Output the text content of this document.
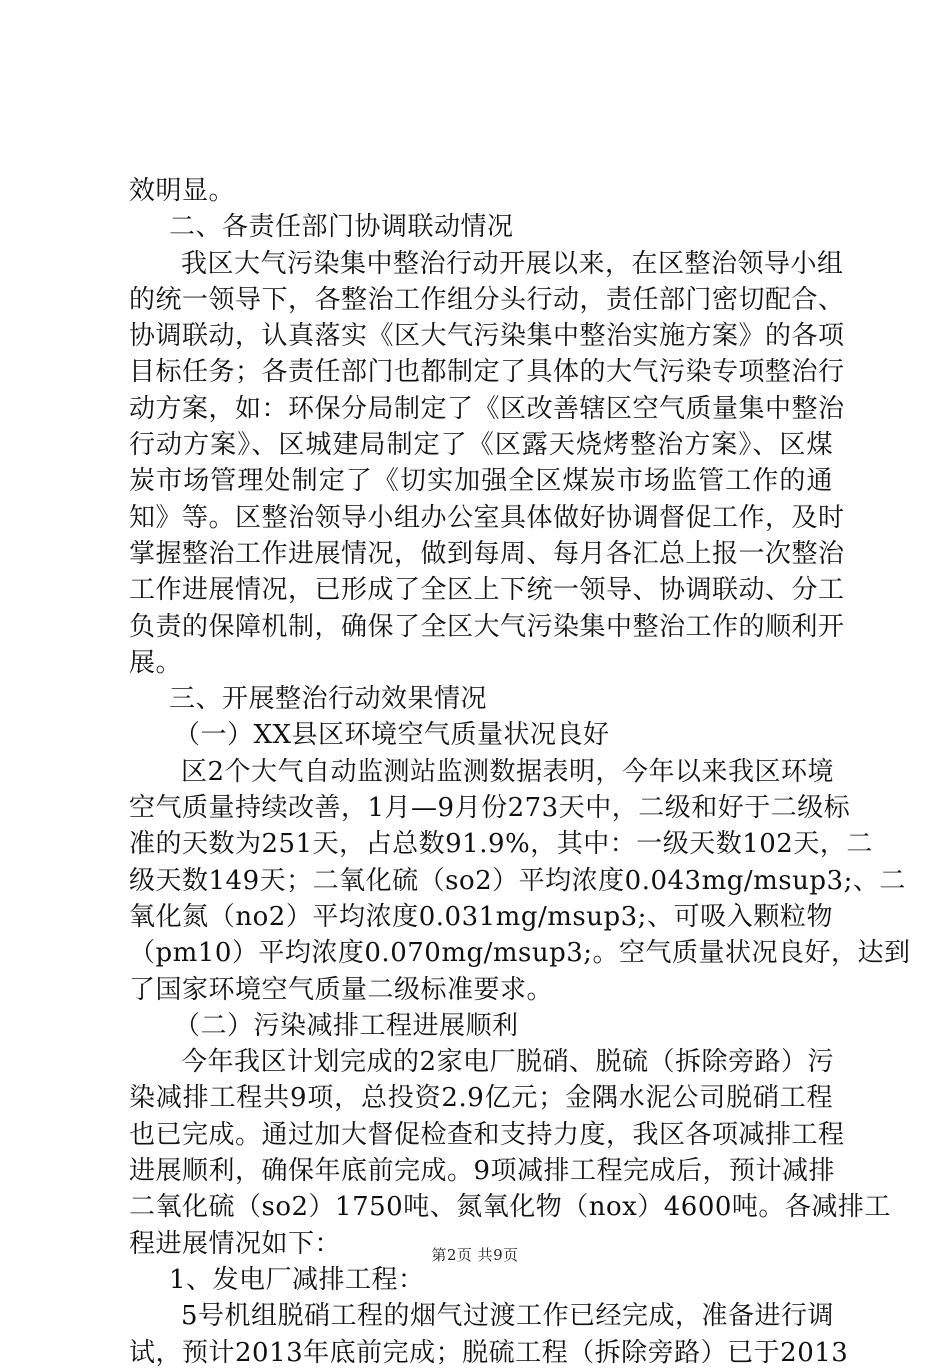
效明显。
二、各责任部门协调联动情况
我区大气污染集中整治行动开展以来，在区整治领导小组
的统一领导下，各整治工作组分头行动，责任部门密切配合、
协调联动，认真落实《区大气污染集中整治实施方案》的各项
目标任务；各责任部门也都制定了具体的大气污染专项整治行
动方案，如：环保分局制定了《区改善辖区空气质量集中整治
行动方案》、区城建局制定了《区露天烧烤整治方案》、区煤
炭市场管理处制定了《切实加强全区煤炭市场监管工作的通
知》等。区整治领导小组办公室具体做好协调督促工作，及时
掌握整治工作进展情况，做到每周、每月各汇总上报一次整治
工作进展情况，已形成了全区上下统一领导、协调联动、分工
负责的保障机制，确保了全区大气污染集中整治工作的顺利开
展。
三、开展整治行动效果情况
（一）XX县区环境空气质量状况良好
区2个大气自动监测站监测数据表明，今年以来我区环境
空气质量持续改善，1月—9月份273天中，二级和好于二级标
准的天数为251天，占总数91.9%，其中：一级天数102天，二
级天数149天；二氧化硫（so2）平均浓度0.043mg/msup3;、二
氧化氮（no2）平均浓度0.031mg/msup3;、可吸入颗粒物
（pm10）平均浓度0.070mg/msup3;。空气质量状况良好，达到
了国家环境空气质量二级标准要求。
（二）污染减排工程进展顺利
今年我区计划完成的2家电厂脱硝、脱硫（拆除旁路）污
染减排工程共9项，总投资2.9亿元；金隅水泥公司脱硝工程
也已完成。通过加大督促检查和支持力度，我区各项减排工程
进展顺利，确保年底前完成。9项减排工程完成后，预计减排
二氧化硫（so2）1750吨、氮氧化物（nox）4600吨。各减排工
程进展情况如下：
1、发电厂减排工程：
5号机组脱硝工程的烟气过渡工作已经完成，准备进行调
试，预计2013年底前完成；脱硫工程（拆除旁路）已于2013
第2页 共9页
